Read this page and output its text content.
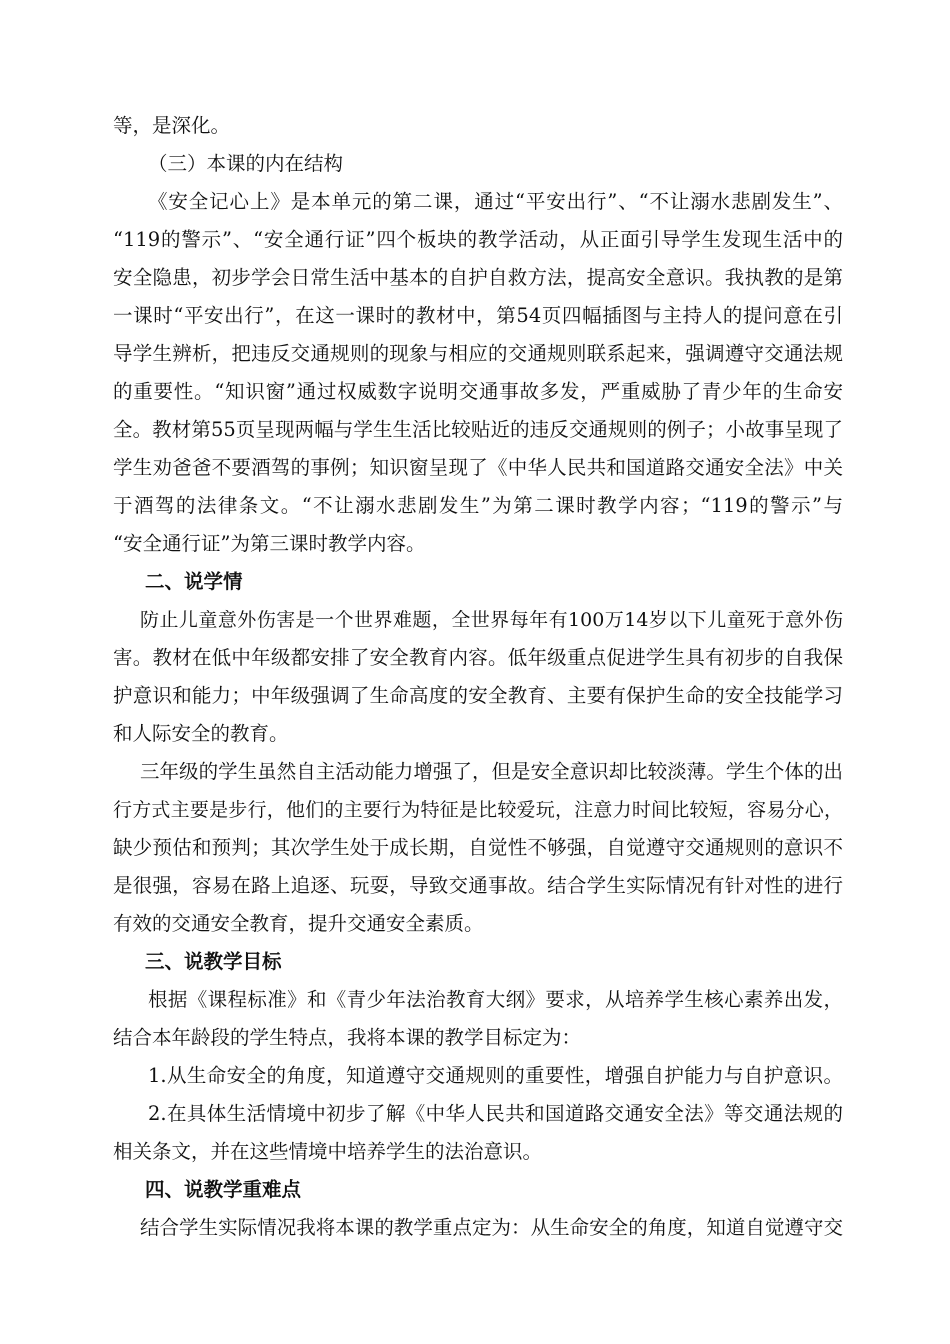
等，是深化。
（三）本课的内在结构
《安全记心上》是本单元的第二课，通过“平安出行”、“不让溺水悲剧发生”、
“119的警示”、“安全通行证”四个板块的教学活动，从正面引导学生发现生活中的
安全隐患，初步学会日常生活中基本的自护自救方法，提高安全意识。我执教的是第
一课时“平安出行”，在这一课时的教材中，第54页四幅插图与主持人的提问意在引
导学生辨析，把违反交通规则的现象与相应的交通规则联系起来，强调遵守交通法规
的重要性。“知识窗”通过权威数字说明交通事故多发，严重威胁了青少年的生命安
全。教材第55页呈现两幅与学生生活比较贴近的违反交通规则的例子；小故事呈现了
学生劝爸爸不要酒驾的事例；知识窗呈现了《中华人民共和国道路交通安全法》中关
于酒驾的法律条文。“不让溺水悲剧发生”为第二课时教学内容；“119的警示”与
“安全通行证”为第三课时教学内容。
二、说学情
防止儿童意外伤害是一个世界难题，全世界每年有100万14岁以下儿童死于意外伤
害。教材在低中年级都安排了安全教育内容。低年级重点促进学生具有初步的自我保
护意识和能力；中年级强调了生命高度的安全教育、主要有保护生命的安全技能学习
和人际安全的教育。
三年级的学生虽然自主活动能力增强了，但是安全意识却比较淡薄。学生个体的出
行方式主要是步行，他们的主要行为特征是比较爱玩，注意力时间比较短，容易分心，
缺少预估和预判；其次学生处于成长期，自觉性不够强，自觉遵守交通规则的意识不
是很强，容易在路上追逐、玩耍，导致交通事故。结合学生实际情况有针对性的进行
有效的交通安全教育，提升交通安全素质。
三、说教学目标
根据《课程标准》和《青少年法治教育大纲》要求，从培养学生核心素养出发，
结合本年龄段的学生特点，我将本课的教学目标定为：
1.从生命安全的角度，知道遵守交通规则的重要性，增强自护能力与自护意识。
2.在具体生活情境中初步了解《中华人民共和国道路交通安全法》等交通法规的
相关条文，并在这些情境中培养学生的法治意识。
四、说教学重难点
结合学生实际情况我将本课的教学重点定为：从生命安全的角度，知道自觉遵守交
